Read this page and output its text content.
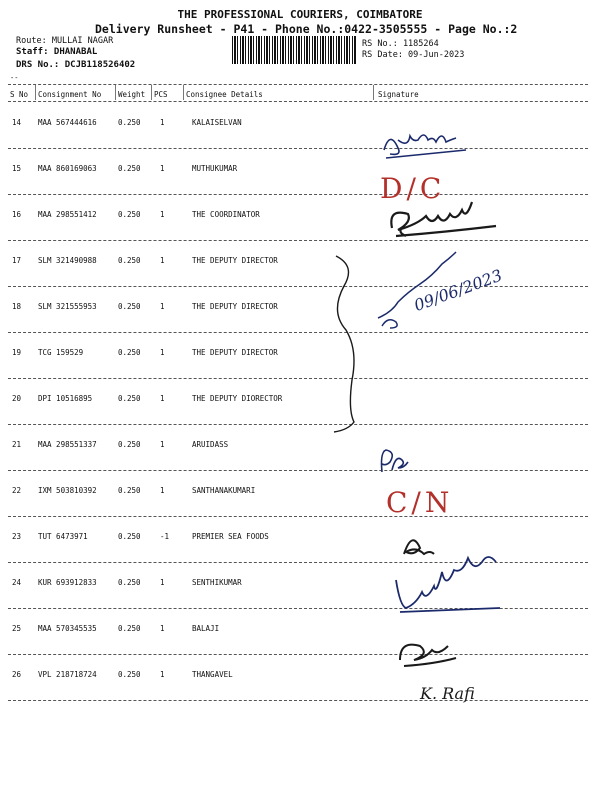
THE PROFESSIONAL COURIERS, COIMBATORE
Delivery Runsheet - P41 - Phone No.:0422-3505555 - Page No.:2
Route: MULLAI NAGAR
Staff: DHANABAL
DRS No.: DCJB118526402
RS No.: 1185264
RS Date: 09-Jun-2023
--
S No Consignment No Weight PCS Consignee Details	Signature
14 MAA 567444616	0.250	1	KALAISELVAN
15 MAA 860169063	0.250	1	MUTHUKUMAR
16 MAA 298551412	0.250	1	THE COORDINATOR
17 SLM 321490988	0.250	1	THE DEPUTY DIRECTOR
18 SLM 321555953	0.250	1	THE DEPUTY DIRECTOR
19 TCG 159529	0.250	1	THE DEPUTY DIRECTOR
20 DPI 10516895	0.250	1	THE DEPUTY DIORECTOR
21 MAA 298551337	0.250	1	ARUIDASS
22 IXM 503810392	0.250	1	SANTHANAKUMARI
23 TUT 6473971	0.250	-1	PREMIER SEA FOODS
24 KUR 693912833	0.250	1	SENTHIKUMAR
25 MAA 570345535	0.250	1	BALAJI
26 VPL 218718724	0.250	1	THANGAVEL
D/C
09/06/2023
C/N
K. Rafi
